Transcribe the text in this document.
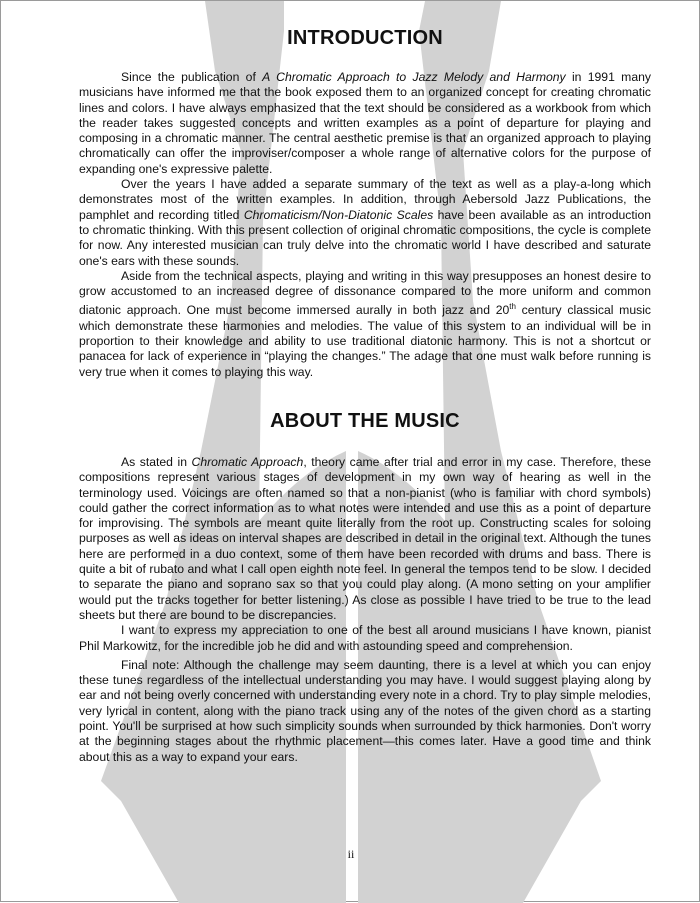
INTRODUCTION

Since the publication of A Chromatic Approach to Jazz Melody and Harmony in 1991 many musicians have informed me that the book exposed them to an organized concept for creating chromatic lines and colors. I have always emphasized that the text should be considered as a workbook from which the reader takes suggested concepts and written examples as a point of departure for playing and composing in a chromatic manner. The central aesthetic premise is that an organized approach to playing chromatically can offer the improviser/composer a whole range of alternative colors for the purpose of expanding one's expressive palette.

Over the years I have added a separate summary of the text as well as a play-a-long which demonstrates most of the written examples. In addition, through Aebersold Jazz Publications, the pamphlet and recording titled Chromaticism/Non-Diatonic Scales have been available as an introduction to chromatic thinking. With this present collection of original chromatic compositions, the cycle is complete for now. Any interested musician can truly delve into the chromatic world I have described and saturate one's ears with these sounds.

Aside from the technical aspects, playing and writing in this way presupposes an honest desire to grow accustomed to an increased degree of dissonance compared to the more uniform and common diatonic approach. One must become immersed aurally in both jazz and 20th century classical music which demonstrate these harmonies and melodies. The value of this system to an individual will be in proportion to their knowledge and ability to use traditional diatonic harmony. This is not a shortcut or panacea for lack of experience in “playing the changes.” The adage that one must walk before running is very true when it comes to playing this way.

ABOUT THE MUSIC

As stated in Chromatic Approach, theory came after trial and error in my case. Therefore, these compositions represent various stages of development in my own way of hearing as well in the terminology used. Voicings are often named so that a non-pianist (who is familiar with chord symbols) could gather the correct information as to what notes were intended and use this as a point of departure for improvising. The symbols are meant quite literally from the root up. Constructing scales for soloing purposes as well as ideas on interval shapes are described in detail in the original text. Although the tunes here are performed in a duo context, some of them have been recorded with drums and bass. There is quite a bit of rubato and what I call open eighth note feel. In general the tempos tend to be slow. I decided to separate the piano and soprano sax so that you could play along. (A mono setting on your amplifier would put the tracks together for better listening.) As close as possible I have tried to be true to the lead sheets but there are bound to be discrepancies.

I want to express my appreciation to one of the best all around musicians I have known, pianist Phil Markowitz, for the incredible job he did and with astounding speed and comprehension.

Final note: Although the challenge may seem daunting, there is a level at which you can enjoy these tunes regardless of the intellectual understanding you may have. I would suggest playing along by ear and not being overly concerned with understanding every note in a chord. Try to play simple melodies, very lyrical in content, along with the piano track using any of the notes of the given chord as a starting point. You'll be surprised at how such simplicity sounds when surrounded by thick harmonies. Don't worry at the beginning stages about the rhythmic placement—this comes later. Have a good time and think about this as a way to expand your ears.

ii
